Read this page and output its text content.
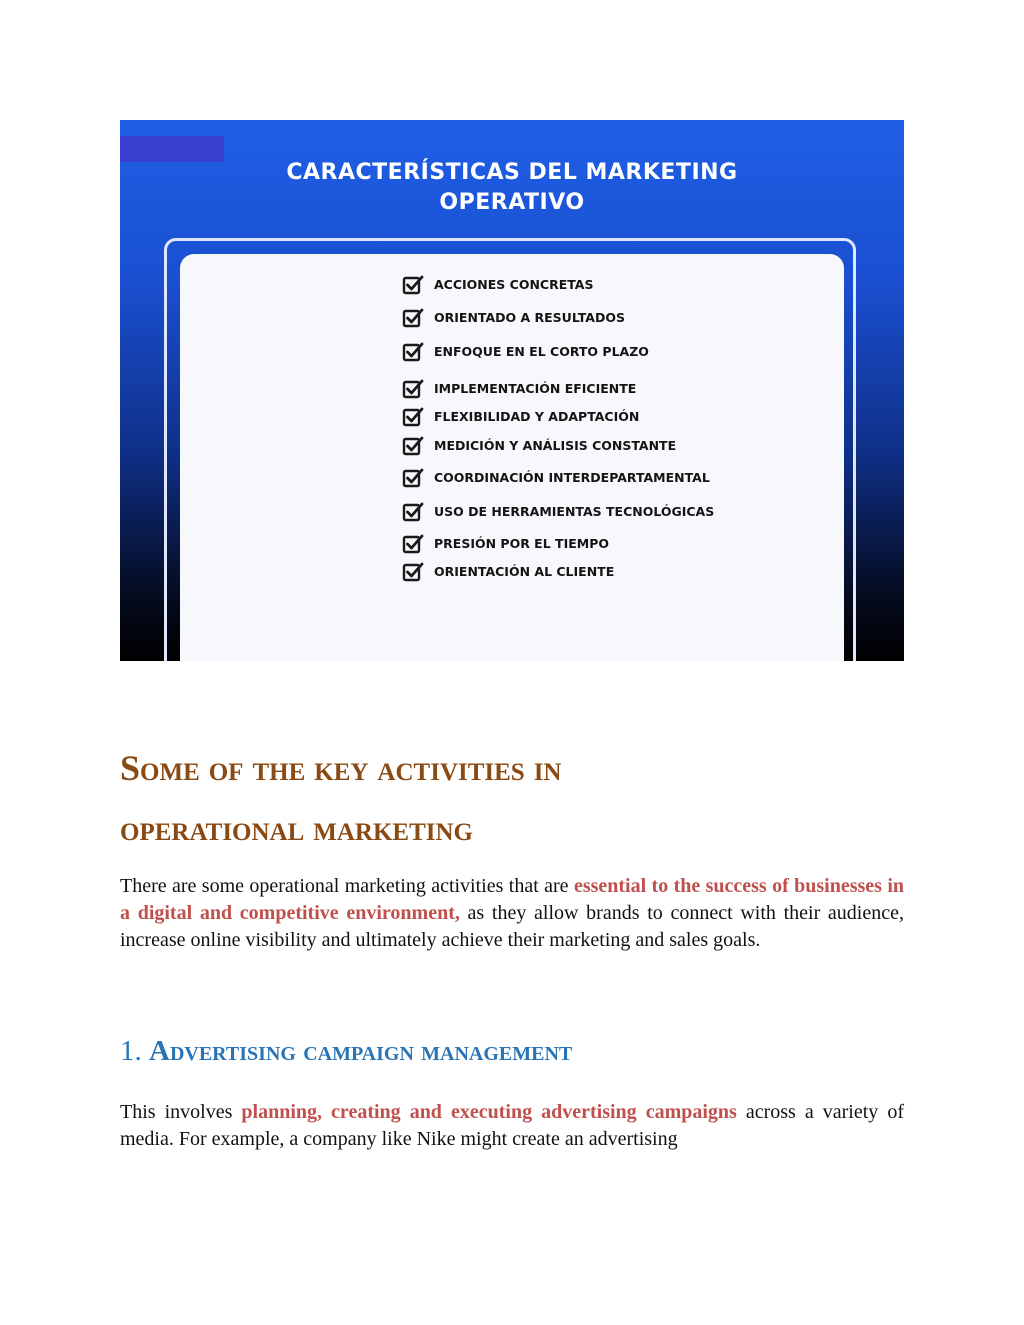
CARACTERÍSTICAS DEL MARKETING
OPERATIVO
ACCIONES CONCRETAS
ORIENTADO A RESULTADOS
ENFOQUE EN EL CORTO PLAZO
IMPLEMENTACIÓN EFICIENTE
FLEXIBILIDAD Y ADAPTACIÓN
MEDICIÓN Y ANÁLISIS CONSTANTE
COORDINACIÓN INTERDEPARTAMENTAL
USO DE HERRAMIENTAS TECNOLÓGICAS
PRESIÓN POR EL TIEMPO
ORIENTACIÓN AL CLIENTE
Some of the key activities in
operational marketing

There are some operational marketing activities that are essential to the success of businesses in a digital and competitive environment, as they allow brands to connect with their audience, increase online visibility and ultimately achieve their marketing and sales goals.

1. Advertising campaign management

This involves planning, creating and executing advertising campaigns across a variety of media. For example, a company like Nike might create an advertising
